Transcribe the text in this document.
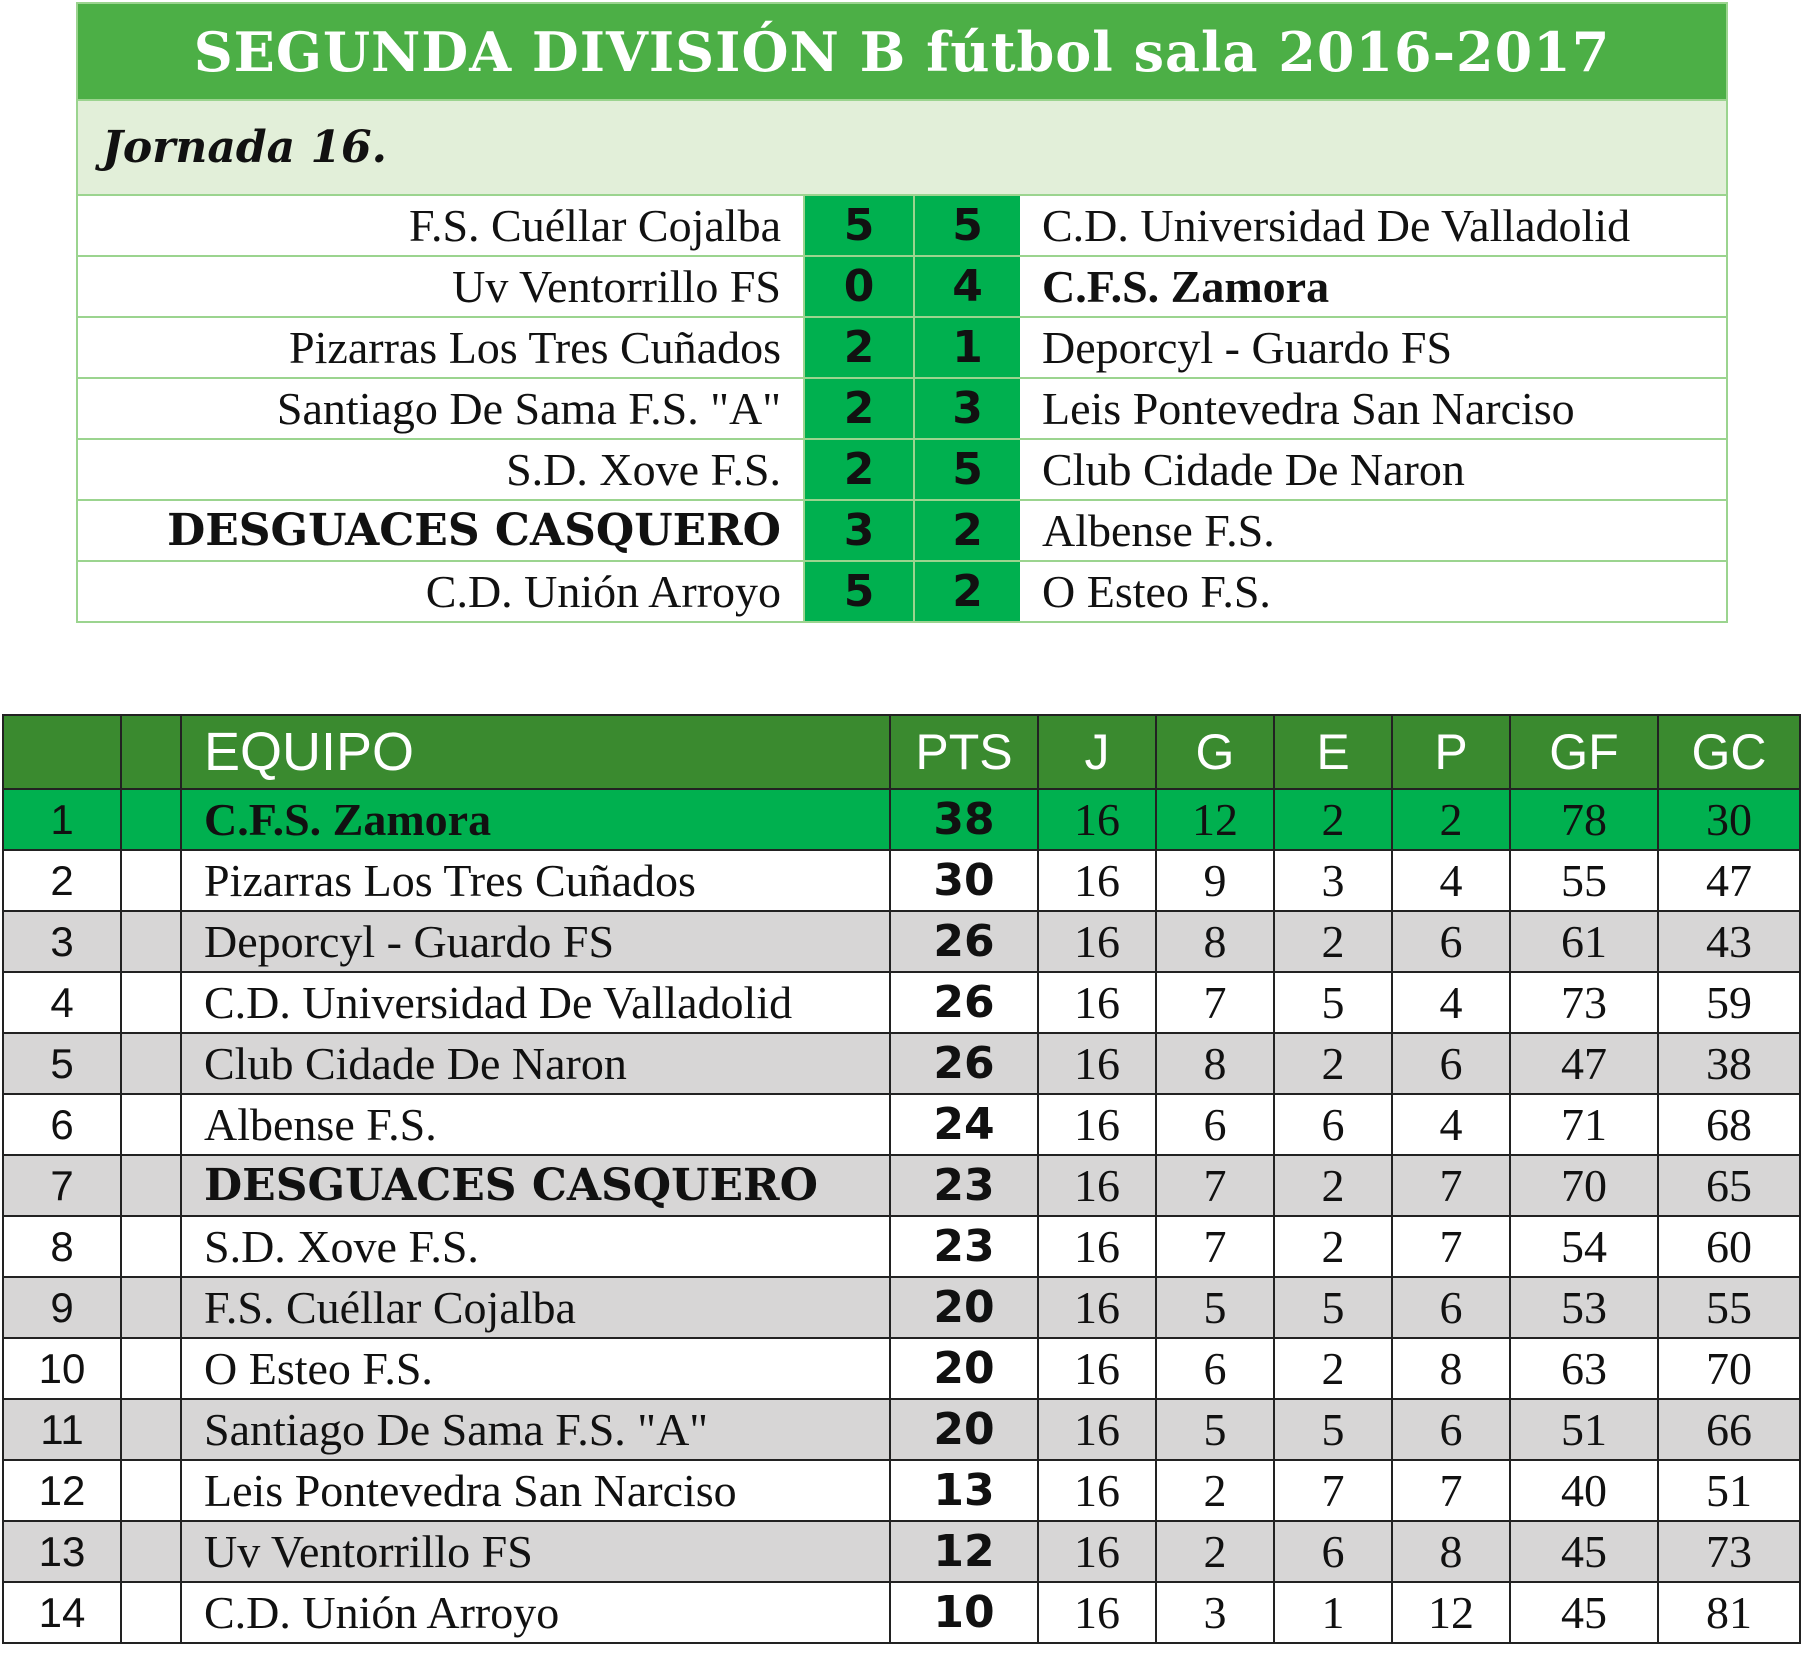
SEGUNDA DIVISIÓN B fútbol sala 2016-2017
Jornada 16.
F.S. Cuéllar Cojalba	5	5	C.D. Universidad De Valladolid
Uv Ventorrillo FS	0	4	C.F.S. Zamora
Pizarras Los Tres Cuñados	2	1	Deporcyl - Guardo FS
Santiago De Sama F.S. "A"	2	3	Leis Pontevedra San Narciso
S.D. Xove F.S.	2	5	Club Cidade De Naron
DESGUACES CASQUERO	3	2	Albense F.S.
C.D. Unión Arroyo	5	2	O Esteo F.S.
		EQUIPO	PTS	J	G	E	P	GF	GC
1		C.F.S. Zamora	38	16	12	2	2	78	30
2		Pizarras Los Tres Cuñados	30	16	9	3	4	55	47
3		Deporcyl - Guardo FS	26	16	8	2	6	61	43
4		C.D. Universidad De Valladolid	26	16	7	5	4	73	59
5		Club Cidade De Naron	26	16	8	2	6	47	38
6		Albense F.S.	24	16	6	6	4	71	68
7		DESGUACES CASQUERO	23	16	7	2	7	70	65
8		S.D. Xove F.S.	23	16	7	2	7	54	60
9		F.S. Cuéllar Cojalba	20	16	5	5	6	53	55
10		O Esteo F.S.	20	16	6	2	8	63	70
11		Santiago De Sama F.S. "A"	20	16	5	5	6	51	66
12		Leis Pontevedra San Narciso	13	16	2	7	7	40	51
13		Uv Ventorrillo FS	12	16	2	6	8	45	73
14		C.D. Unión Arroyo	10	16	3	1	12	45	81
